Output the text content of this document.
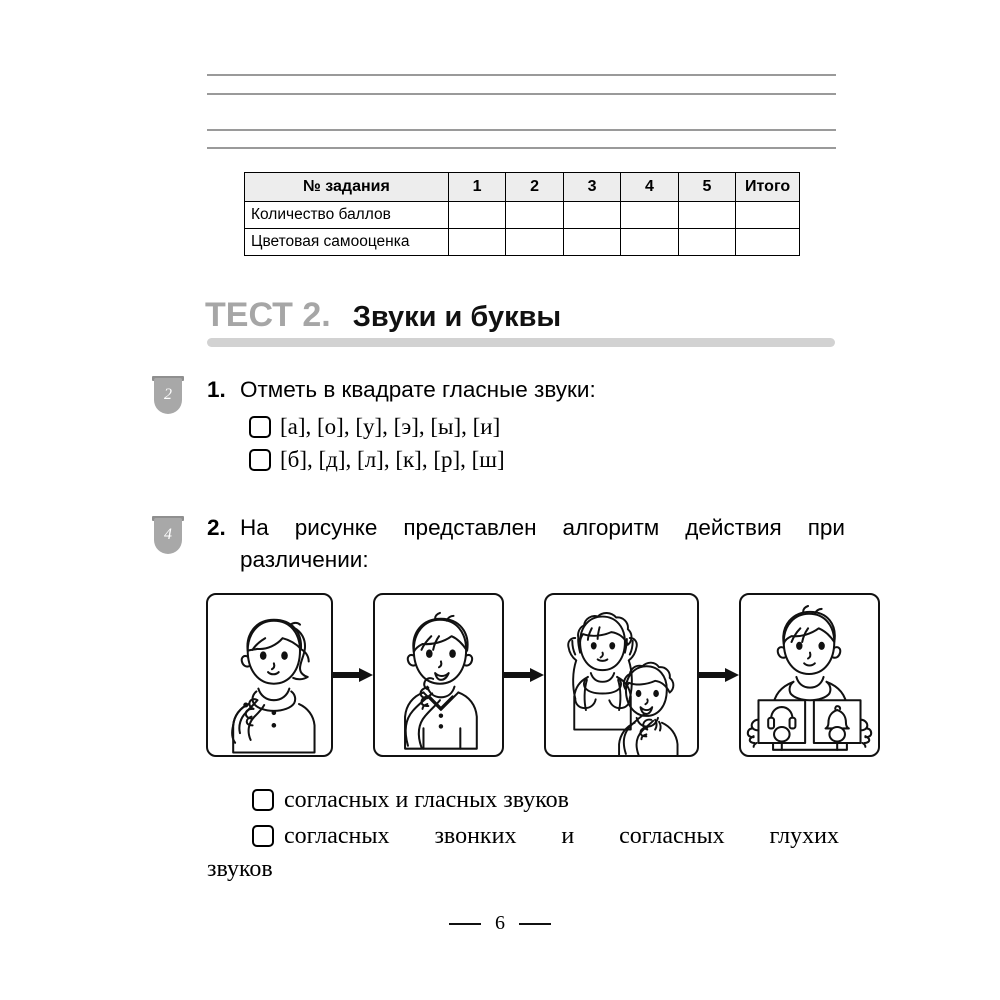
№ задания	1	2	3	4	5	Итого
Количество баллов						
Цветовая самооценка						
ТЕСТ 2. Звуки и буквы
2	1. Отметь в квадрате гласные звуки:
[а], [о], [у], [э], [ы], [и]
[б], [д], [л], [к], [р], [ш]
4	2. На рисунке представлен алгоритм действия при различении:
согласных и гласных звуков
согласных звонких и согласных глухих
звуков
6
